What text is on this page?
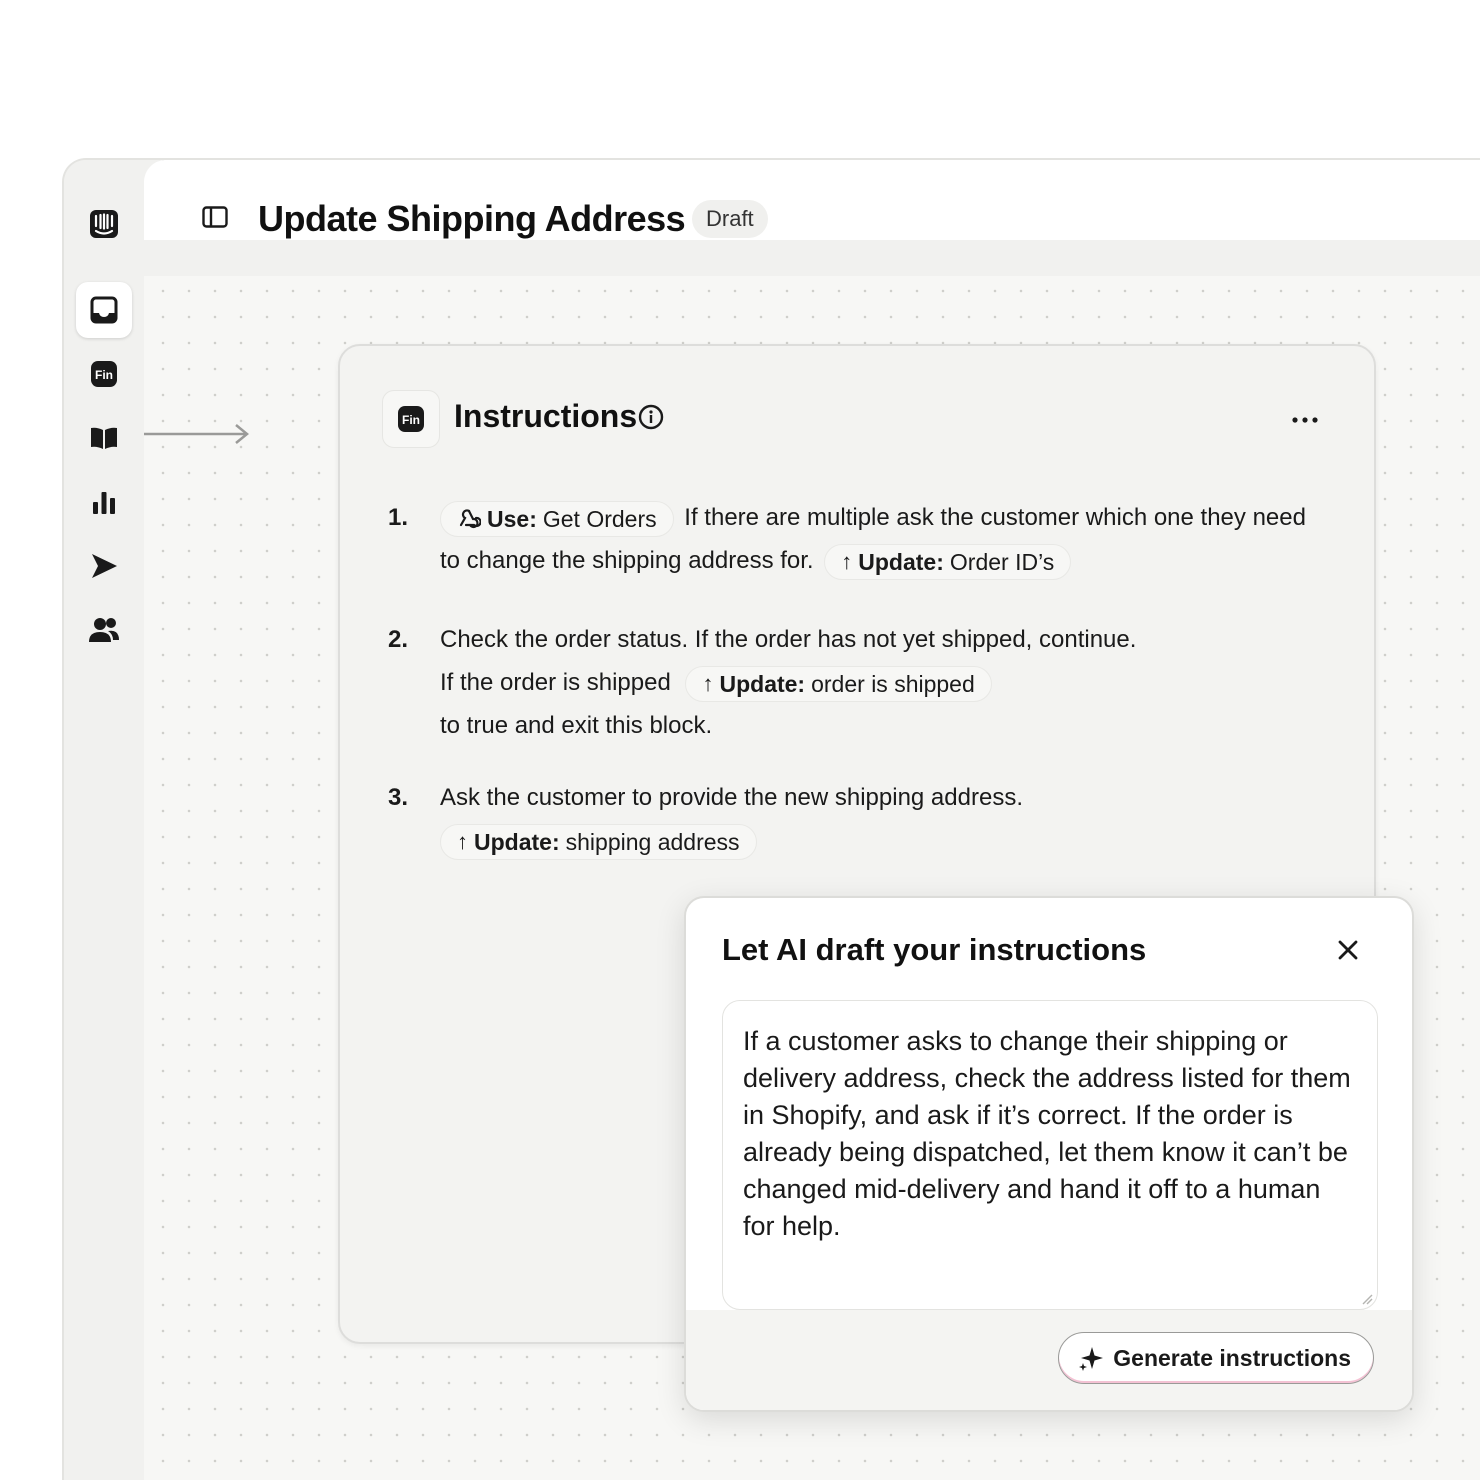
Fin
Update Shipping Address Draft
Fin Instructions
1.	Use: Get Orders If there are multiple ask the customer which one they need to change the shipping address for. ↑ Update: Order ID’s
2.	Check the order status. If the order has not yet shipped, continue.
If the order is shipped ↑ Update: order is shipped
to true and exit this block.
3.	Ask the customer to provide the new shipping address.
↑ Update: shipping address
Let AI draft your instructions
If a customer asks to change their shipping or delivery address, check the address listed for them in Shopify, and ask if it’s correct. If the order is already being dispatched, let them know it can’t be changed mid-delivery and hand it off to a human for help.
Generate instructions
